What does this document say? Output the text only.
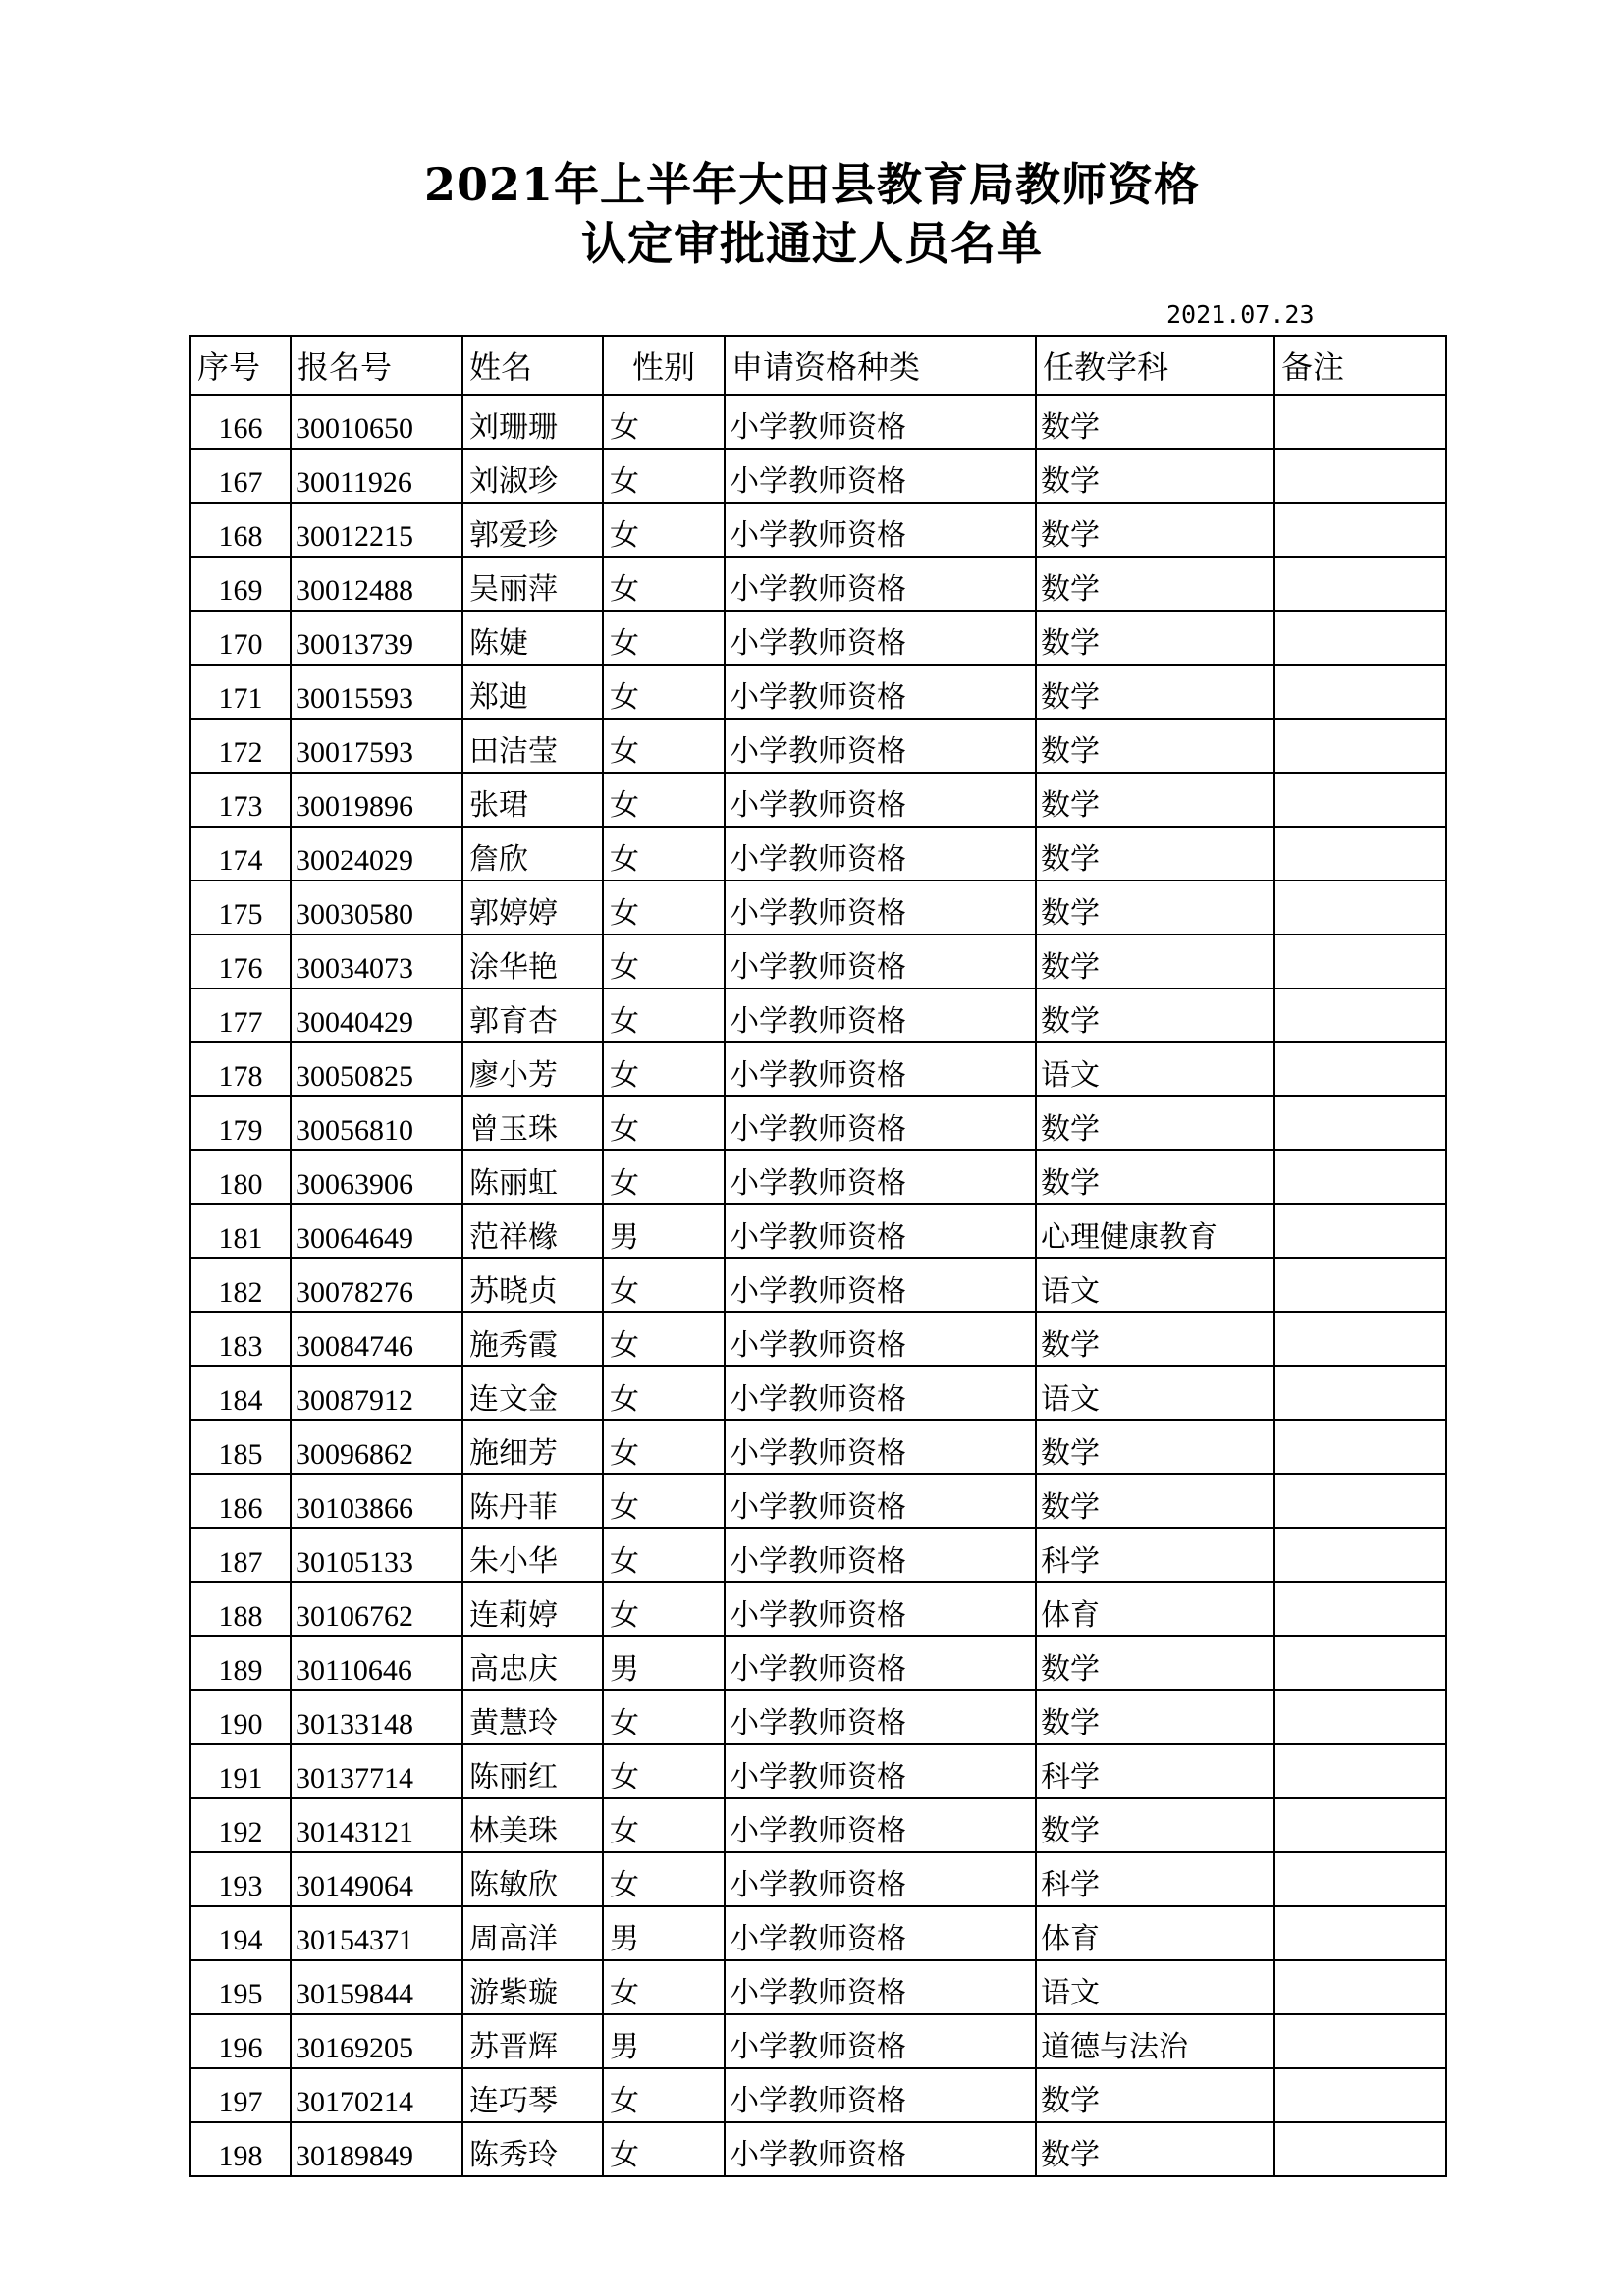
2021年上半年大田县教育局教师资格
认定审批通过人员名单
2021.07.23
序号	报名号	姓名	性别	申请资格种类	任教学科	备注
166	30010650	刘珊珊	女	小学教师资格	数学	
167	30011926	刘淑珍	女	小学教师资格	数学	
168	30012215	郭爱珍	女	小学教师资格	数学	
169	30012488	吴丽萍	女	小学教师资格	数学	
170	30013739	陈婕	女	小学教师资格	数学	
171	30015593	郑迪	女	小学教师资格	数学	
172	30017593	田洁莹	女	小学教师资格	数学	
173	30019896	张珺	女	小学教师资格	数学	
174	30024029	詹欣	女	小学教师资格	数学	
175	30030580	郭婷婷	女	小学教师资格	数学	
176	30034073	涂华艳	女	小学教师资格	数学	
177	30040429	郭育杏	女	小学教师资格	数学	
178	30050825	廖小芳	女	小学教师资格	语文	
179	30056810	曾玉珠	女	小学教师资格	数学	
180	30063906	陈丽虹	女	小学教师资格	数学	
181	30064649	范祥橼	男	小学教师资格	心理健康教育	
182	30078276	苏晓贞	女	小学教师资格	语文	
183	30084746	施秀霞	女	小学教师资格	数学	
184	30087912	连文金	女	小学教师资格	语文	
185	30096862	施细芳	女	小学教师资格	数学	
186	30103866	陈丹菲	女	小学教师资格	数学	
187	30105133	朱小华	女	小学教师资格	科学	
188	30106762	连莉婷	女	小学教师资格	体育	
189	30110646	高忠庆	男	小学教师资格	数学	
190	30133148	黄慧玲	女	小学教师资格	数学	
191	30137714	陈丽红	女	小学教师资格	科学	
192	30143121	林美珠	女	小学教师资格	数学	
193	30149064	陈敏欣	女	小学教师资格	科学	
194	30154371	周高洋	男	小学教师资格	体育	
195	30159844	游紫璇	女	小学教师资格	语文	
196	30169205	苏晋辉	男	小学教师资格	道德与法治	
197	30170214	连巧琴	女	小学教师资格	数学	
198	30189849	陈秀玲	女	小学教师资格	数学	
